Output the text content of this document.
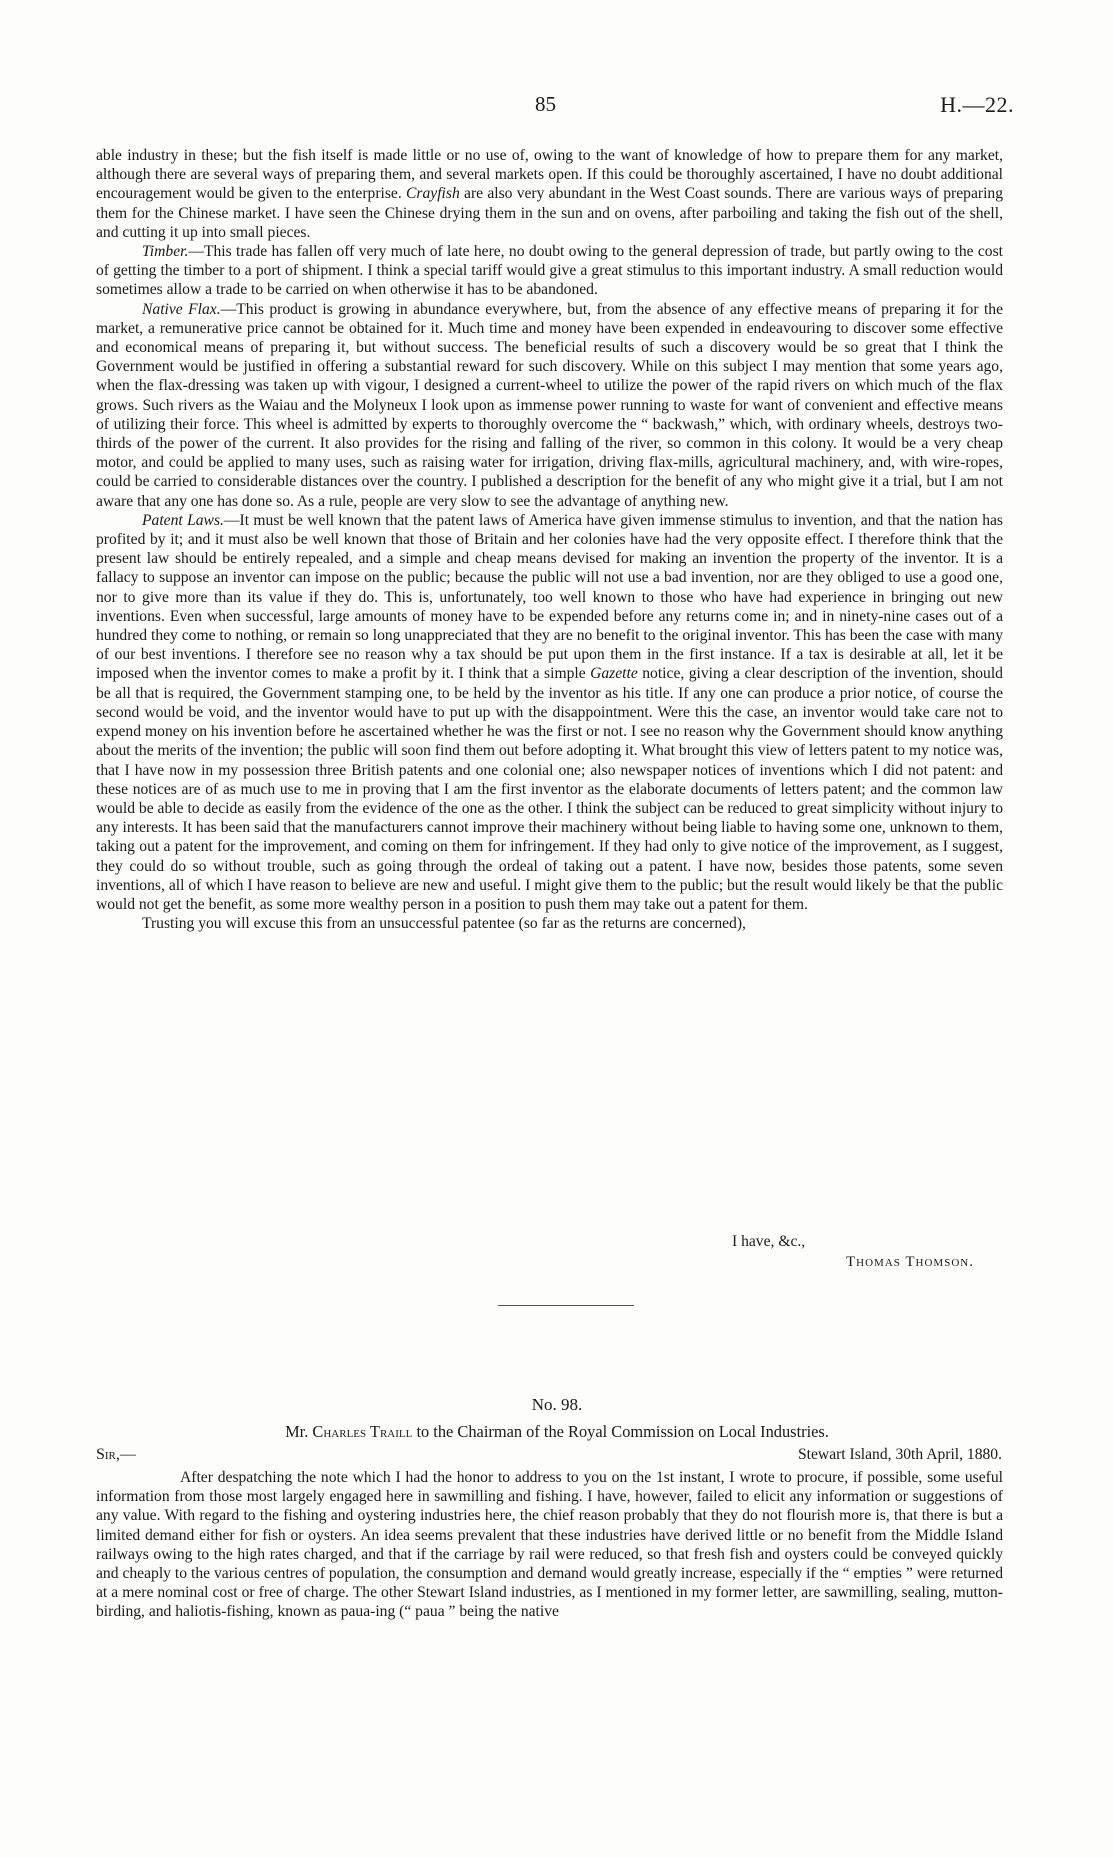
85	H.—22.

able industry in these; but the fish itself is made little or no use of, owing to the want of knowledge of how to prepare them for any market, although there are several ways of preparing them, and several markets open. If this could be thoroughly ascertained, I have no doubt additional encouragement would be given to the enterprise. Crayfish are also very abundant in the West Coast sounds. There are various ways of preparing them for the Chinese market. I have seen the Chinese drying them in the sun and on ovens, after parboiling and taking the fish out of the shell, and cutting it up into small pieces.

Timber.—This trade has fallen off very much of late here, no doubt owing to the general depression of trade, but partly owing to the cost of getting the timber to a port of shipment. I think a special tariff would give a great stimulus to this important industry. A small reduction would sometimes allow a trade to be carried on when otherwise it has to be abandoned.

Native Flax.—This product is growing in abundance everywhere, but, from the absence of any effective means of preparing it for the market, a remunerative price cannot be obtained for it. Much time and money have been expended in endeavouring to discover some effective and economical means of preparing it, but without success. The beneficial results of such a discovery would be so great that I think the Government would be justified in offering a substantial reward for such discovery. While on this subject I may mention that some years ago, when the flax-dressing was taken up with vigour, I designed a current-wheel to utilize the power of the rapid rivers on which much of the flax grows. Such rivers as the Waiau and the Molyneux I look upon as immense power running to waste for want of convenient and effective means of utilizing their force. This wheel is admitted by experts to thoroughly overcome the “ backwash,” which, with ordinary wheels, destroys two-thirds of the power of the current. It also provides for the rising and falling of the river, so common in this colony. It would be a very cheap motor, and could be applied to many uses, such as raising water for irrigation, driving flax-mills, agricultural machinery, and, with wire-ropes, could be carried to considerable distances over the country. I published a description for the benefit of any who might give it a trial, but I am not aware that any one has done so. As a rule, people are very slow to see the advantage of anything new.

Patent Laws.—It must be well known that the patent laws of America have given immense stimulus to invention, and that the nation has profited by it; and it must also be well known that those of Britain and her colonies have had the very opposite effect. I therefore think that the present law should be entirely repealed, and a simple and cheap means devised for making an invention the property of the inventor. It is a fallacy to suppose an inventor can impose on the public; because the public will not use a bad invention, nor are they obliged to use a good one, nor to give more than its value if they do. This is, unfortunately, too well known to those who have had experience in bringing out new inventions. Even when successful, large amounts of money have to be expended before any returns come in; and in ninety-nine cases out of a hundred they come to nothing, or remain so long unappreciated that they are no benefit to the original inventor. This has been the case with many of our best inventions. I therefore see no reason why a tax should be put upon them in the first instance. If a tax is desirable at all, let it be imposed when the inventor comes to make a profit by it. I think that a simple Gazette notice, giving a clear description of the invention, should be all that is required, the Government stamping one, to be held by the inventor as his title. If any one can produce a prior notice, of course the second would be void, and the inventor would have to put up with the disappointment. Were this the case, an inventor would take care not to expend money on his invention before he ascertained whether he was the first or not. I see no reason why the Government should know anything about the merits of the invention; the public will soon find them out before adopting it. What brought this view of letters patent to my notice was, that I have now in my possession three British patents and one colonial one; also newspaper notices of inventions which I did not patent: and these notices are of as much use to me in proving that I am the first inventor as the elaborate documents of letters patent; and the common law would be able to decide as easily from the evidence of the one as the other. I think the subject can be reduced to great simplicity without injury to any interests. It has been said that the manufacturers cannot improve their machinery without being liable to having some one, unknown to them, taking out a patent for the improvement, and coming on them for infringement. If they had only to give notice of the improvement, as I suggest, they could do so without trouble, such as going through the ordeal of taking out a patent. I have now, besides those patents, some seven inventions, all of which I have reason to believe are new and useful. I might give them to the public; but the result would likely be that the public would not get the benefit, as some more wealthy person in a position to push them may take out a patent for them.

Trusting you will excuse this from an unsuccessful patentee (so far as the returns are concerned),

I have, &c.,
Thomas Thomson.
No. 98.
Mr. Charles Traill to the Chairman of the Royal Commission on Local Industries.
Sir,—	Stewart Island, 30th April, 1880.

After despatching the note which I had the honor to address to you on the 1st instant, I wrote to procure, if possible, some useful information from those most largely engaged here in sawmilling and fishing. I have, however, failed to elicit any information or suggestions of any value. With regard to the fishing and oystering industries here, the chief reason probably that they do not flourish more is, that there is but a limited demand either for fish or oysters. An idea seems prevalent that these industries have derived little or no benefit from the Middle Island railways owing to the high rates charged, and that if the carriage by rail were reduced, so that fresh fish and oysters could be conveyed quickly and cheaply to the various centres of population, the consumption and demand would greatly increase, especially if the “ empties ” were returned at a mere nominal cost or free of charge. The other Stewart Island industries, as I mentioned in my former letter, are sawmilling, sealing, mutton-birding, and haliotis-fishing, known as paua-ing (“ paua ” being the native
